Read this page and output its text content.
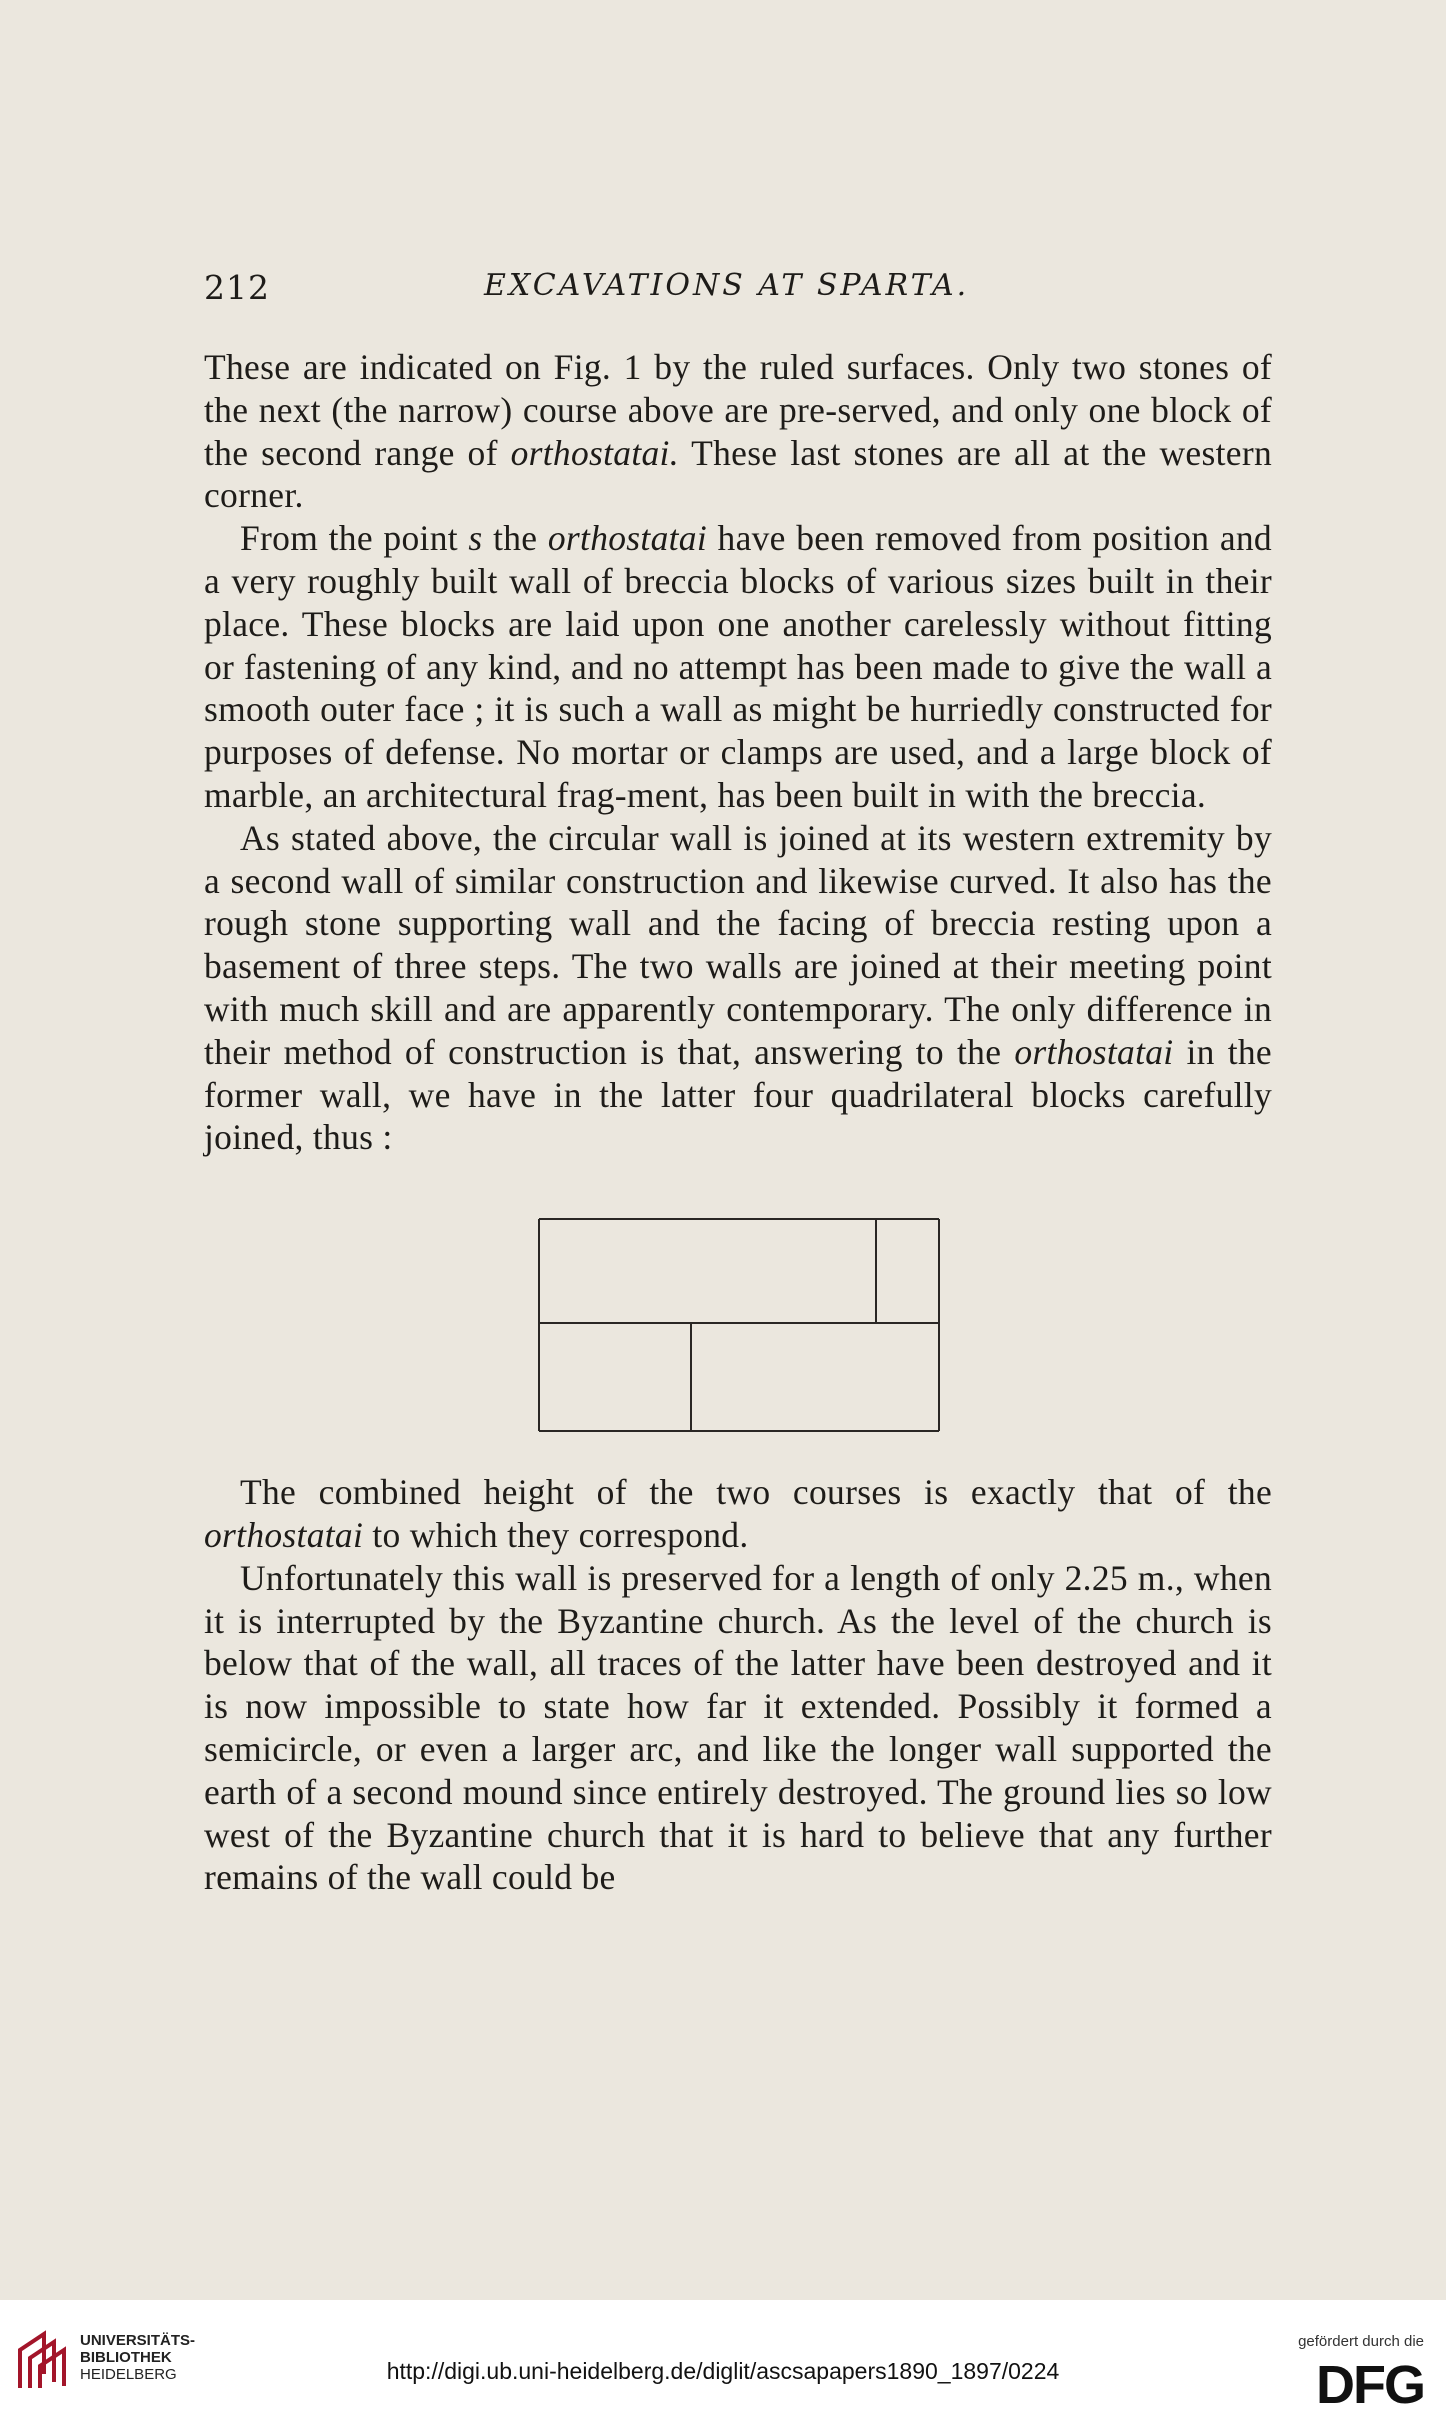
212	EXCAVATIONS AT SPARTA.

These are indicated on Fig. 1 by the ruled surfaces. Only two stones of the next (the narrow) course above are pre-served, and only one block of the second range of orthostatai. These last stones are all at the western corner.

From the point s the orthostatai have been removed from position and a very roughly built wall of breccia blocks of various sizes built in their place. These blocks are laid upon one another carelessly without fitting or fastening of any kind, and no attempt has been made to give the wall a smooth outer face ; it is such a wall as might be hurriedly constructed for purposes of defense. No mortar or clamps are used, and a large block of marble, an architectural frag-ment, has been built in with the breccia.

As stated above, the circular wall is joined at its western extremity by a second wall of similar construction and likewise curved. It also has the rough stone supporting wall and the facing of breccia resting upon a basement of three steps. The two walls are joined at their meeting point with much skill and are apparently contemporary. The only difference in their method of construction is that, answering to the orthostatai in the former wall, we have in the latter four quadrilateral blocks carefully joined, thus :

The combined height of the two courses is exactly that of the orthostatai to which they correspond.

Unfortunately this wall is preserved for a length of only 2.25 m., when it is interrupted by the Byzantine church. As the level of the church is below that of the wall, all traces of the latter have been destroyed and it is now impossible to state how far it extended. Possibly it formed a semicircle, or even a larger arc, and like the longer wall supported the earth of a second mound since entirely destroyed. The ground lies so low west of the Byzantine church that it is hard to believe that any further remains of the wall could be

UNIVERSITÄTS-
BIBLIOTHEK
HEIDELBERG	http://digi.ub.uni-heidelberg.de/diglit/ascsapapers1890_1897/0224
gefördert durch die
DFG
